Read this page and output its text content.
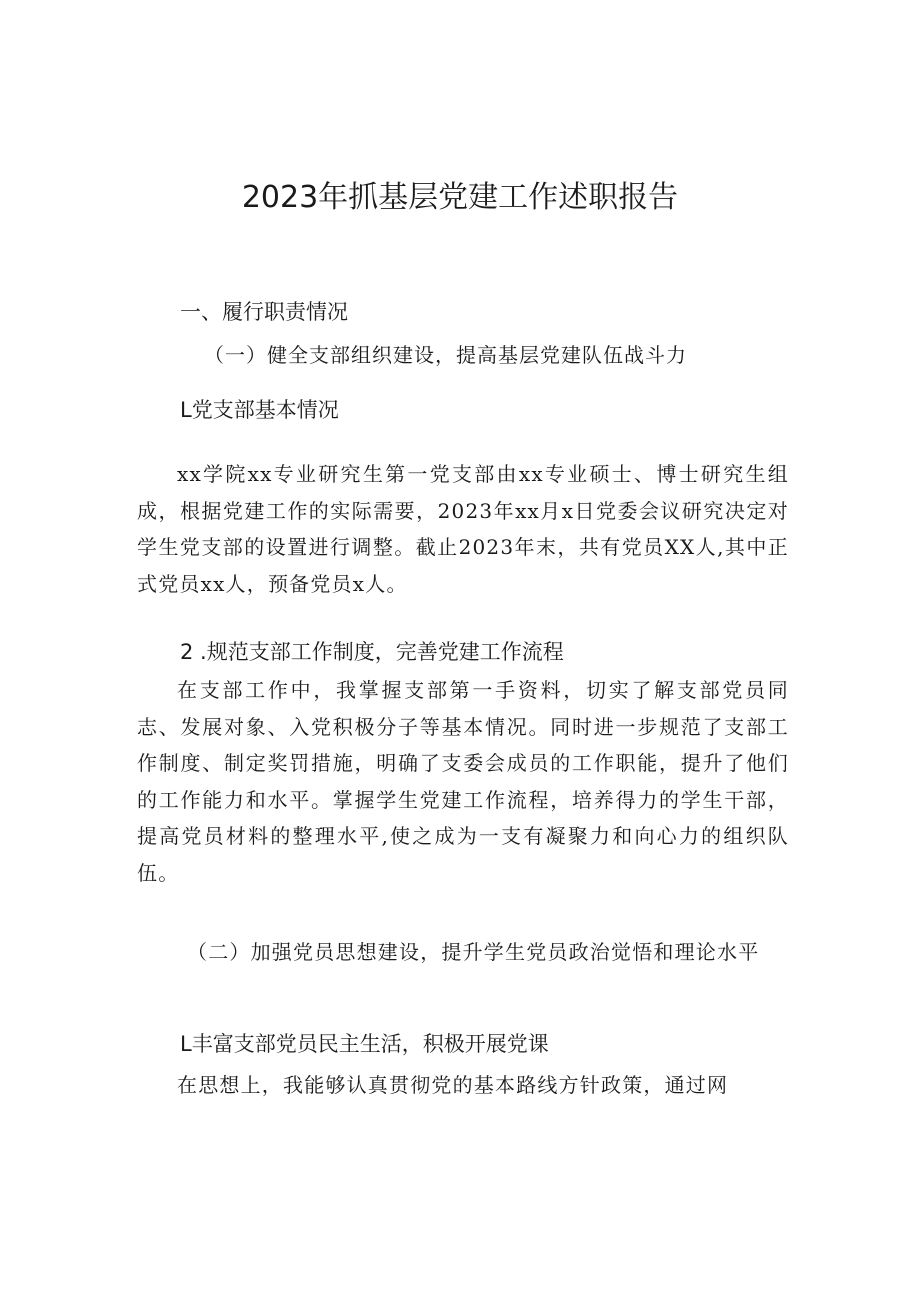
2023年抓基层党建工作述职报告
一、履行职责情况
（一）健全支部组织建设，提高基层党建队伍战斗力
L党支部基本情况

xx学院xx专业研究生第一党支部由xx专业硕士、博士研究生组成，根据党建工作的实际需要，2023年xx月x日党委会议研究决定对学生党支部的设置进行调整。截止2023年末，共有党员XX人,其中正式党员xx人，预备党员x人。

2 .规范支部工作制度，完善党建工作流程

在支部工作中，我掌握支部第一手资料，切实了解支部党员同志、发展对象、入党积极分子等基本情况。同时进一步规范了支部工作制度、制定奖罚措施，明确了支委会成员的工作职能，提升了他们的工作能力和水平。掌握学生党建工作流程，培养得力的学生干部，提高党员材料的整理水平,使之成为一支有凝聚力和向心力的组织队伍。

（二）加强党员思想建设，提升学生党员政治觉悟和理论水平

L丰富支部党员民主生活，积极开展党课

在思想上，我能够认真贯彻党的基本路线方针政策，通过网
